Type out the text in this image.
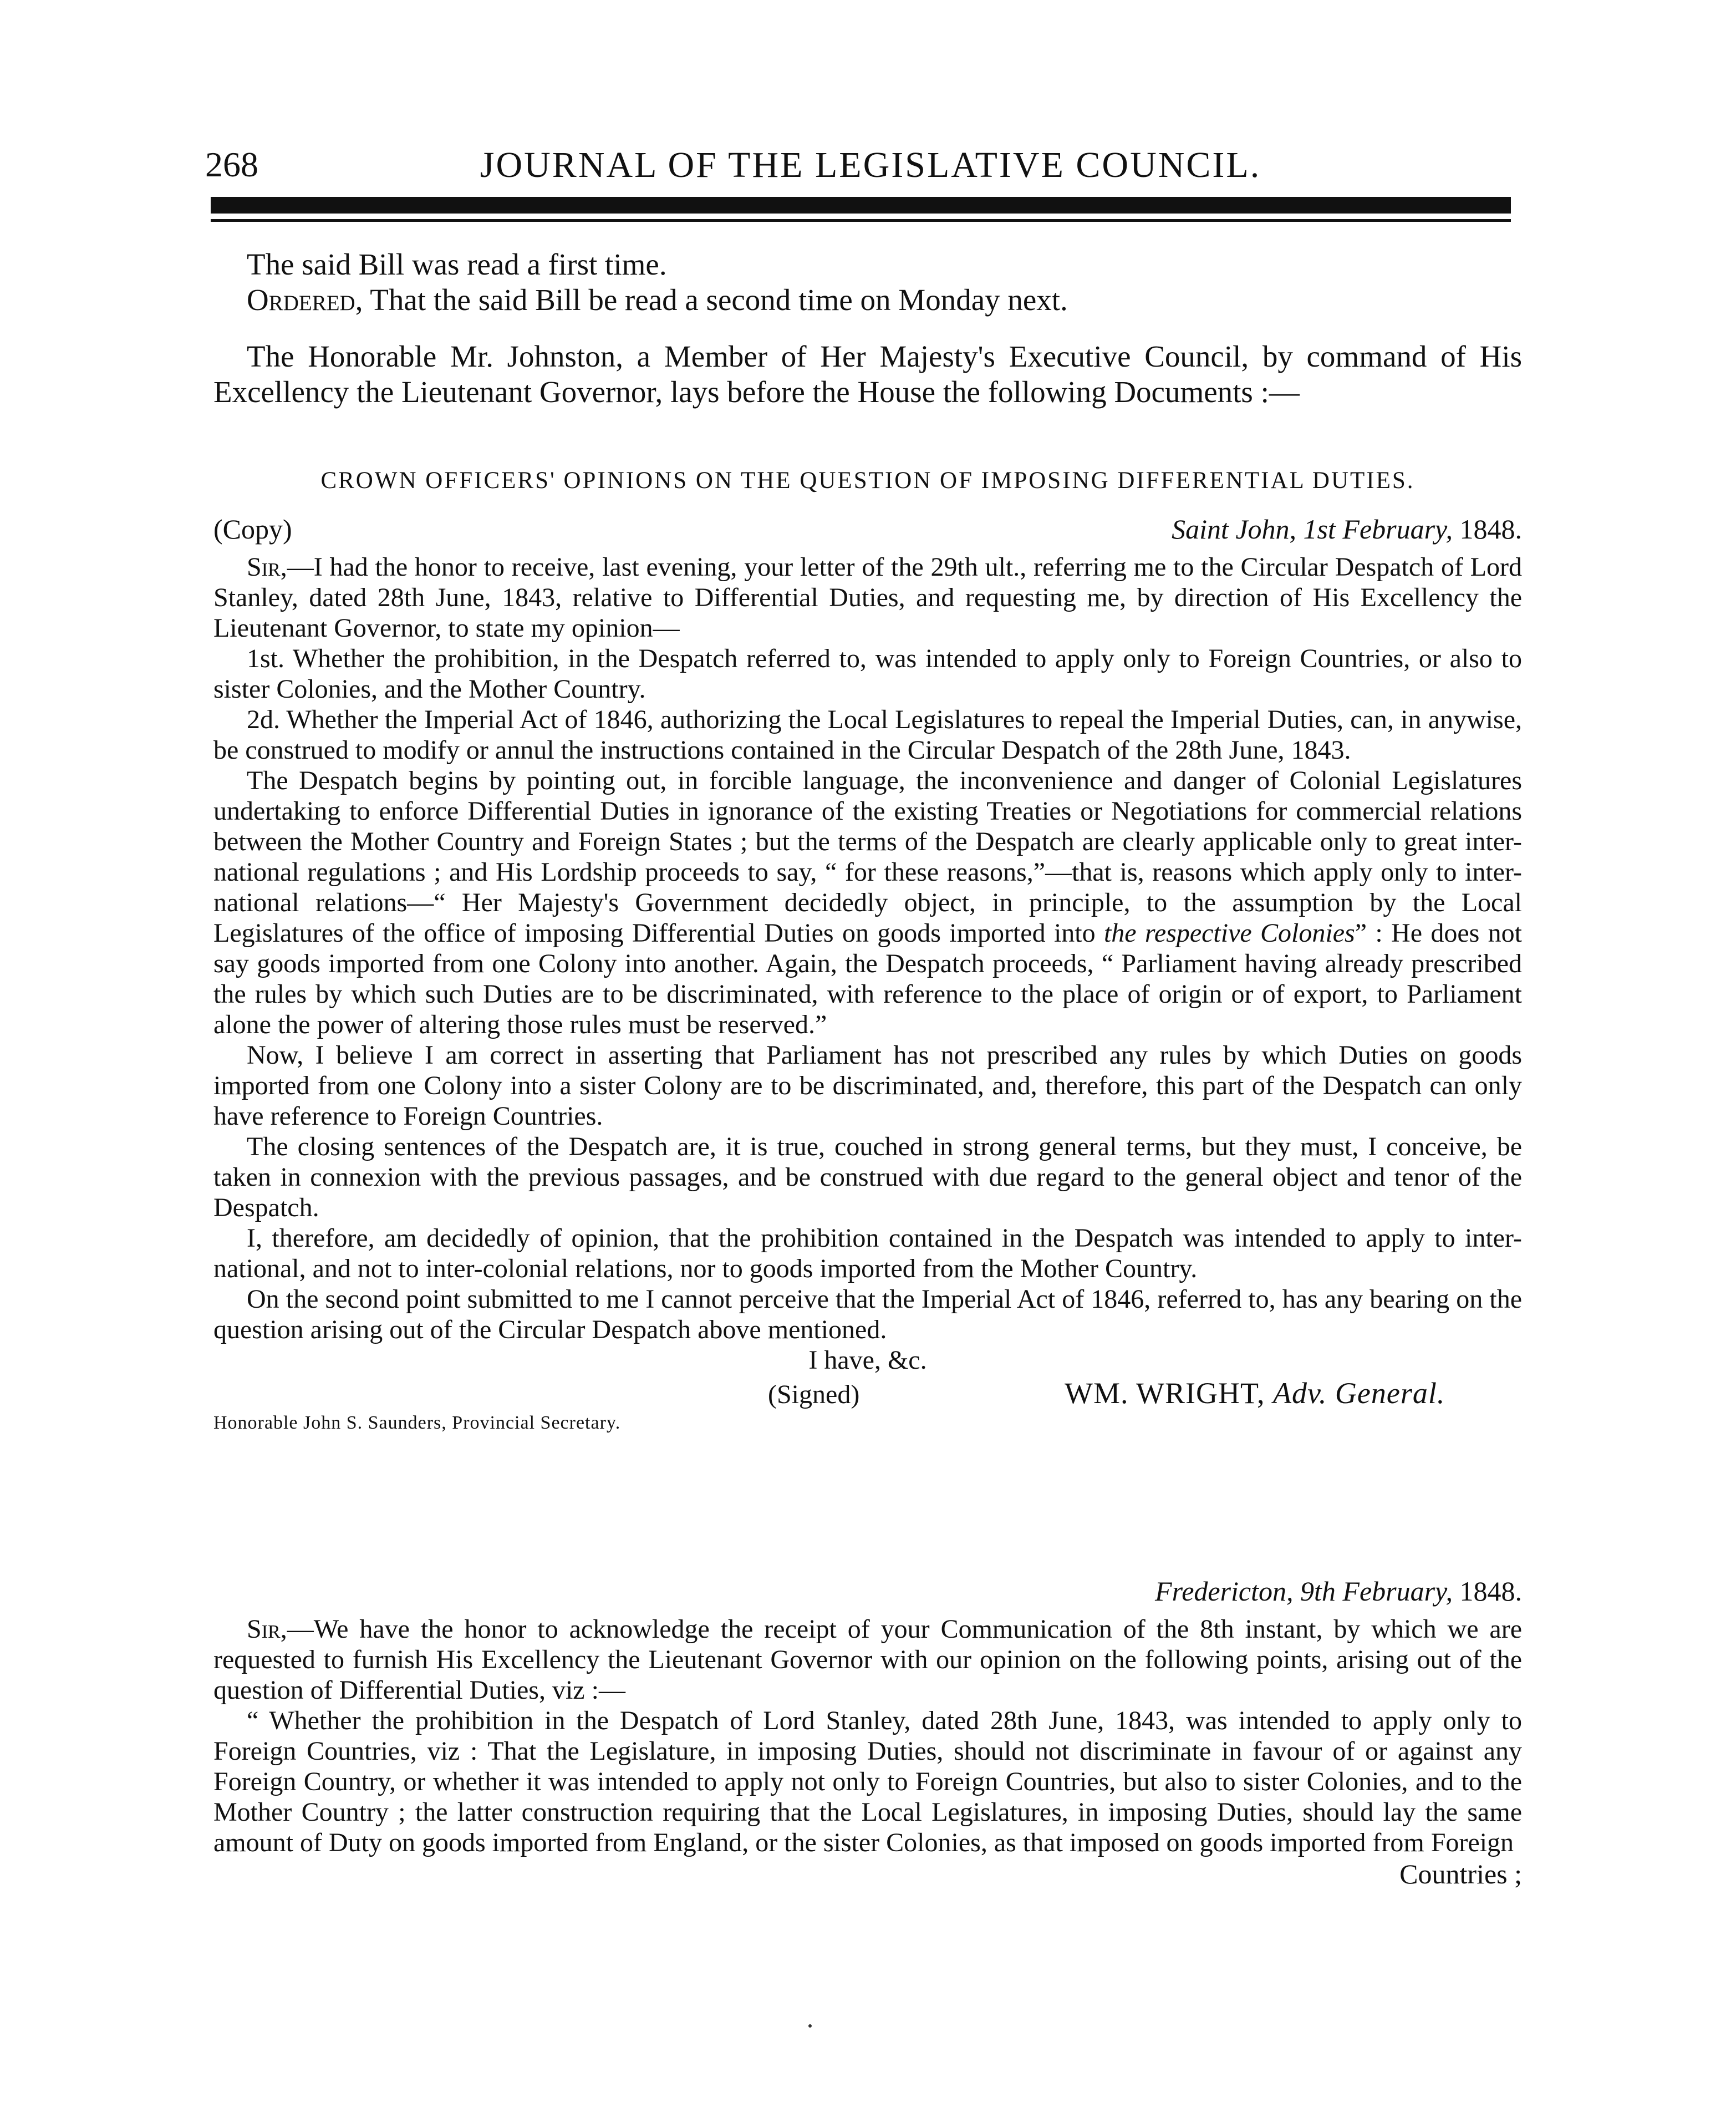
268	JOURNAL OF THE LEGISLATIVE COUNCIL.

The said Bill was read a first time.

Ordered, That the said Bill be read a second time on Monday next.

The Honorable Mr. Johnston, a Member of Her Majesty's Executive Council, by command of His Excellency the Lieutenant Governor, lays before the House the following Documents :—

CROWN OFFICERS' OPINIONS ON THE QUESTION OF IMPOSING DIFFERENTIAL DUTIES.

(Copy)	Saint John, 1st February, 1848.

Sir,—I had the honor to receive, last evening, your letter of the 29th ult., referring me to the Circular Despatch of Lord Stanley, dated 28th June, 1843, relative to Differential Duties, and requesting me, by direction of His Excellency the Lieutenant Governor, to state my opinion—

1st. Whether the prohibition, in the Despatch referred to, was intended to apply only to Foreign Countries, or also to sister Colonies, and the Mother Country.

2d. Whether the Imperial Act of 1846, authorizing the Local Legislatures to repeal the Imperial Duties, can, in anywise, be construed to modify or annul the instructions contained in the Circular Despatch of the 28th June, 1843.

The Despatch begins by pointing out, in forcible language, the inconvenience and danger of Colonial Legislatures undertaking to enforce Differential Duties in ignorance of the existing Treaties or Negotiations for commercial relations between the Mother Country and Foreign States ; but the terms of the Despatch are clearly applicable only to great inter-national regulations ; and His Lordship proceeds to say, “ for these reasons,”—that is, reasons which apply only to inter-national relations—“ Her Majesty's Government decidedly object, in principle, to the assumption by the Local Legislatures of the office of imposing Differential Duties on goods imported into the respective Colonies” : He does not say goods imported from one Colony into another. Again, the Despatch proceeds, “ Parliament having already prescribed the rules by which such Duties are to be discriminated, with reference to the place of origin or of export, to Parliament alone the power of altering those rules must be reserved.”

Now, I believe I am correct in asserting that Parliament has not prescribed any rules by which Duties on goods imported from one Colony into a sister Colony are to be discriminated, and, therefore, this part of the Despatch can only have reference to Foreign Countries.

The closing sentences of the Despatch are, it is true, couched in strong general terms, but they must, I conceive, be taken in connexion with the previous passages, and be construed with due regard to the general object and tenor of the Despatch.

I, therefore, am decidedly of opinion, that the prohibition contained in the Despatch was intended to apply to inter-national, and not to inter-colonial relations, nor to goods imported from the Mother Country.

On the second point submitted to me I cannot perceive that the Imperial Act of 1846, referred to, has any bearing on the question arising out of the Circular Despatch above mentioned.

I have, &c.

(Signed)	WM. WRIGHT, Adv. General.

Honorable John S. Saunders, Provincial Secretary.

Fredericton, 9th February, 1848.

Sir,—We have the honor to acknowledge the receipt of your Communication of the 8th instant, by which we are requested to furnish His Excellency the Lieutenant Governor with our opinion on the following points, arising out of the question of Differential Duties, viz :—

“ Whether the prohibition in the Despatch of Lord Stanley, dated 28th June, 1843, was intended to apply only to Foreign Countries, viz : That the Legislature, in imposing Duties, should not discriminate in favour of or against any Foreign Country, or whether it was intended to apply not only to Foreign Countries, but also to sister Colonies, and to the Mother Country ; the latter construction requiring that the Local Legislatures, in imposing Duties, should lay the same amount of Duty on goods imported from England, or the sister Colonies, as that imposed on goods imported from Foreign

Countries ;
